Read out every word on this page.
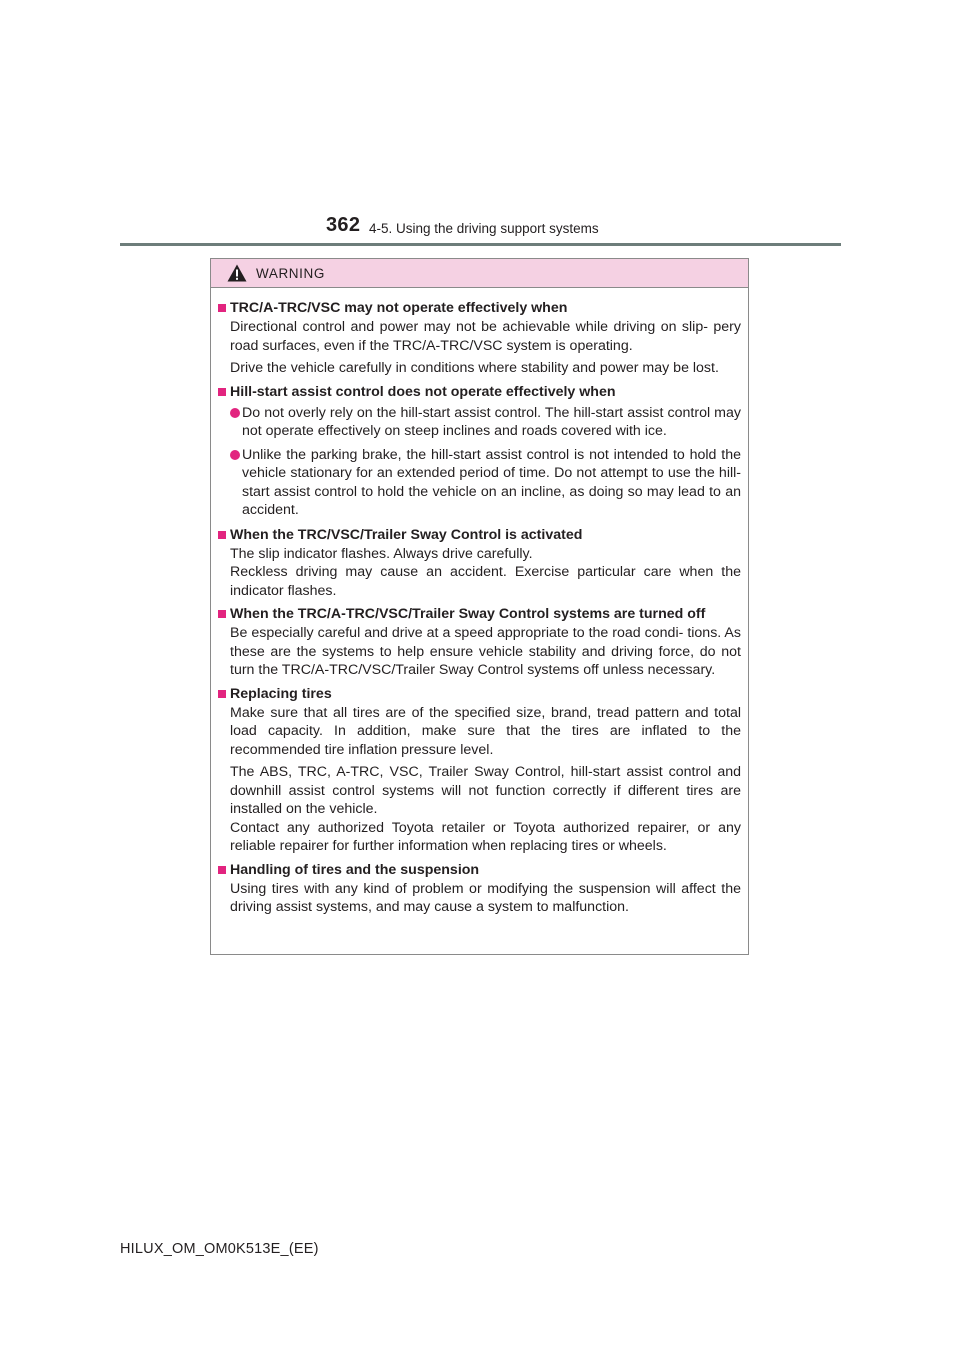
362 4-5. Using the driving support systems
WARNING
TRC/A-TRC/VSC may not operate effectively when
Directional control and power may not be achievable while driving on slip- pery road surfaces, even if the TRC/A-TRC/VSC system is operating.
Drive the vehicle carefully in conditions where stability and power may be lost.
Hill-start assist control does not operate effectively when
Do not overly rely on the hill-start assist control. The hill-start assist control may not operate effectively on steep inclines and roads covered with ice.
Unlike the parking brake, the hill-start assist control is not intended to hold the vehicle stationary for an extended period of time. Do not attempt to use the hill-start assist control to hold the vehicle on an incline, as doing so may lead to an accident.
When the TRC/VSC/Trailer Sway Control is activated
The slip indicator flashes. Always drive carefully.
Reckless driving may cause an accident. Exercise particular care when the indicator flashes.
When the TRC/A-TRC/VSC/Trailer Sway Control systems are turned off
Be especially careful and drive at a speed appropriate to the road condi- tions. As these are the systems to help ensure vehicle stability and driving force, do not turn the TRC/A-TRC/VSC/Trailer Sway Control systems off unless necessary.
Replacing tires
Make sure that all tires are of the specified size, brand, tread pattern and total load capacity. In addition, make sure that the tires are inflated to the recommended tire inflation pressure level.
The ABS, TRC, A-TRC, VSC, Trailer Sway Control, hill-start assist control and downhill assist control systems will not function correctly if different tires are installed on the vehicle.
Contact any authorized Toyota retailer or Toyota authorized repairer, or any reliable repairer for further information when replacing tires or wheels.
Handling of tires and the suspension
Using tires with any kind of problem or modifying the suspension will affect the driving assist systems, and may cause a system to malfunction.
HILUX_OM_OM0K513E_(EE)
